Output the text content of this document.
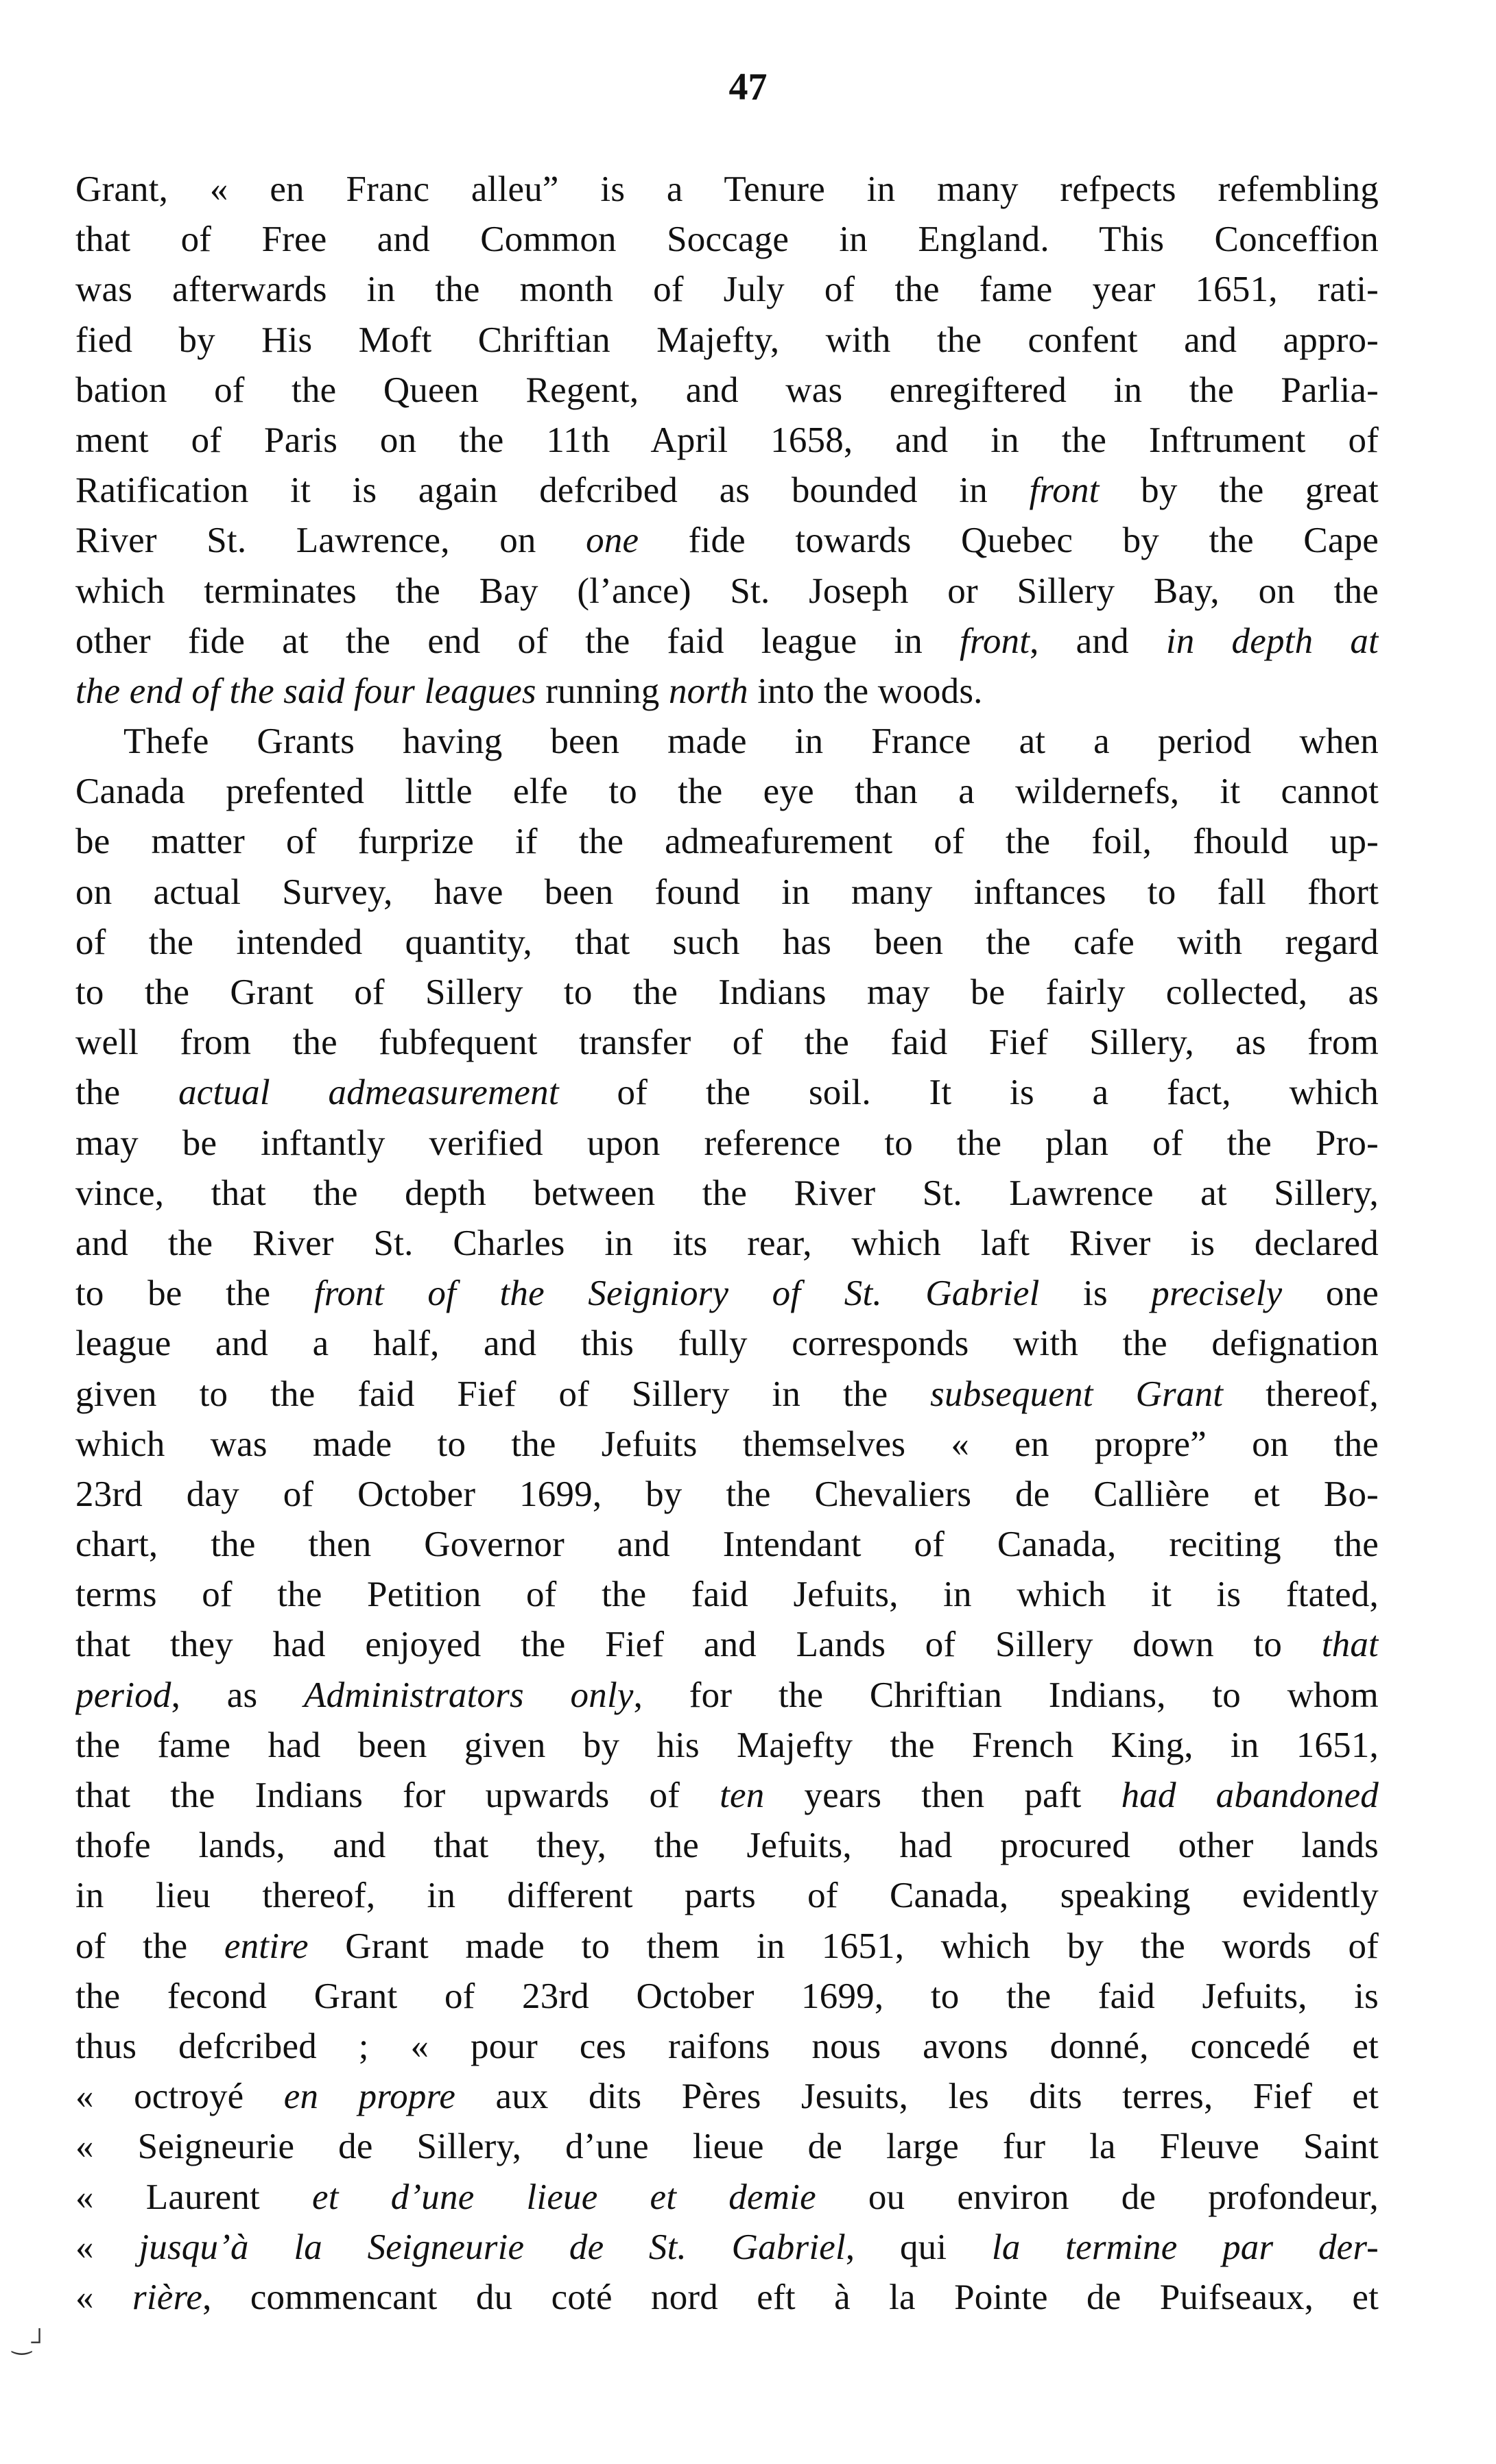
47
Grant, « en Franc alleu” is a Tenure in many refpects refembling
that of Free and Common Soccage in England. This Conceffion
was afterwards in the month of July of the fame year 1651, rati-
fied by His Moft Chriftian Majefty, with the confent and appro-
bation of the Queen Regent, and was enregiftered in the Parlia-
ment of Paris on the 11th April 1658, and in the Inftrument of
Ratification it is again defcribed as bounded in front by the great
River St. Lawrence, on one fide towards Quebec by the Cape
which terminates the Bay (l’ance) St. Joseph or Sillery Bay, on the
other fide at the end of the faid league in front, and in depth at
the end of the said four leagues running north into the woods.
Thefe Grants having been made in France at a period when
Canada prefented little elfe to the eye than a wildernefs, it cannot
be matter of furprize if the admeafurement of the foil, fhould up-
on actual Survey, have been found in many inftances to fall fhort
of the intended quantity, that such has been the cafe with regard
to the Grant of Sillery to the Indians may be fairly collected, as
well from the fubfequent transfer of the faid Fief Sillery, as from
the actual admeasurement of the soil. It is a fact, which
may be inftantly verified upon reference to the plan of the Pro-
vince, that the depth between the River St. Lawrence at Sillery,
and the River St. Charles in its rear, which laft River is declared
to be the front of the Seigniory of St. Gabriel is precisely one
league and a half, and this fully corresponds with the defignation
given to the faid Fief of Sillery in the subsequent Grant thereof,
which was made to the Jefuits themselves « en propre” on the
23rd day of October 1699, by the Chevaliers de Callière et Bo-
chart, the then Governor and Intendant of Canada, reciting the
terms of the Petition of the faid Jefuits, in which it is ftated,
that they had enjoyed the Fief and Lands of Sillery down to that
period, as Administrators only, for the Chriftian Indians, to whom
the fame had been given by his Majefty the French King, in 1651,
that the Indians for upwards of ten years then paft had abandoned
thofe lands, and that they, the Jefuits, had procured other lands
in lieu thereof, in different parts of Canada, speaking evidently
of the entire Grant made to them in 1651, which by the words of
the fecond Grant of 23rd October 1699, to the faid Jefuits, is
thus defcribed ; « pour ces raifons nous avons donné, concedé et
« octroyé en propre aux dits Pères Jesuits, les dits terres, Fief et
« Seigneurie de Sillery, d’une lieue de large fur la Fleuve Saint
« Laurent et d’une lieue et demie ou environ de profondeur,
« jusqu’à la Seigneurie de St. Gabriel, qui la termine par der-
« rière, commencant du coté nord eft à la Pointe de Puifseaux, et
‿┘
